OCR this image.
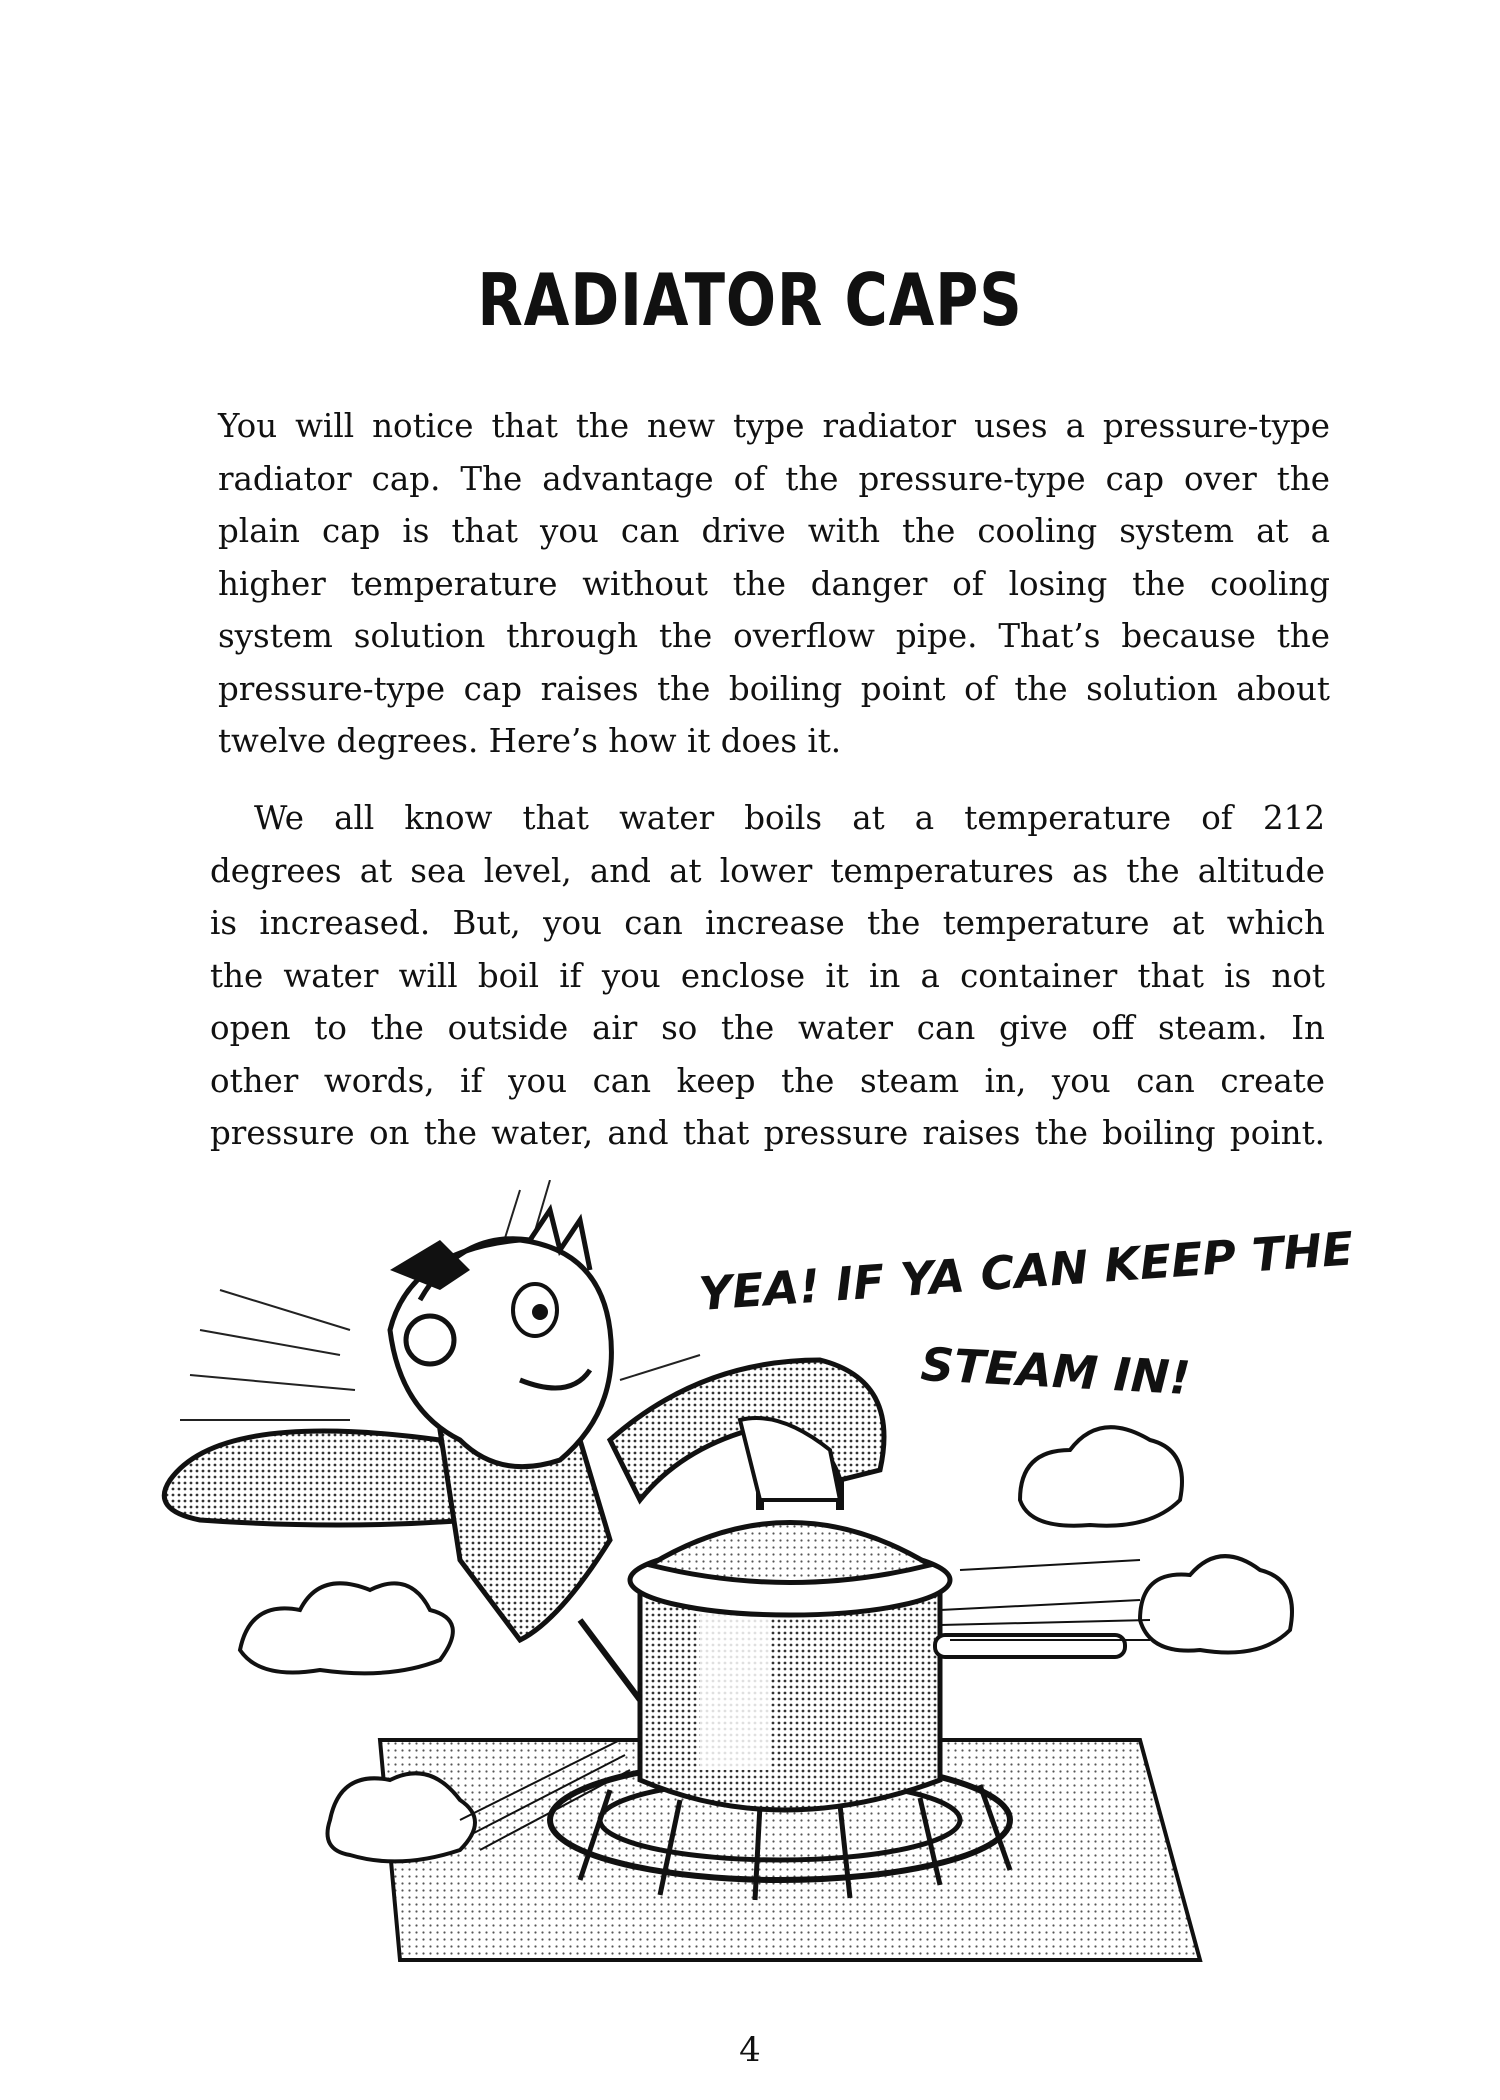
RADIATOR CAPS
You will notice that the new type radiator uses a pressure-type
radiator cap. The advantage of the pressure-type cap over the
plain cap is that you can drive with the cooling system at a
higher temperature without the danger of losing the cooling
system solution through the overflow pipe. That’s because the
pressure-type cap raises the boiling point of the solution about
twelve degrees. Here’s how it does it.
We all know that water boils at a temperature of 212
degrees at sea level, and at lower temperatures as the altitude
is increased. But, you can increase the temperature at which
the water will boil if you enclose it in a container that is not
open to the outside air so the water can give off steam. In
other words, if you can keep the steam in, you can create
pressure on the water, and that pressure raises the boiling point.
YEA! IF YA CAN KEEP THE
STEAM IN!

4
